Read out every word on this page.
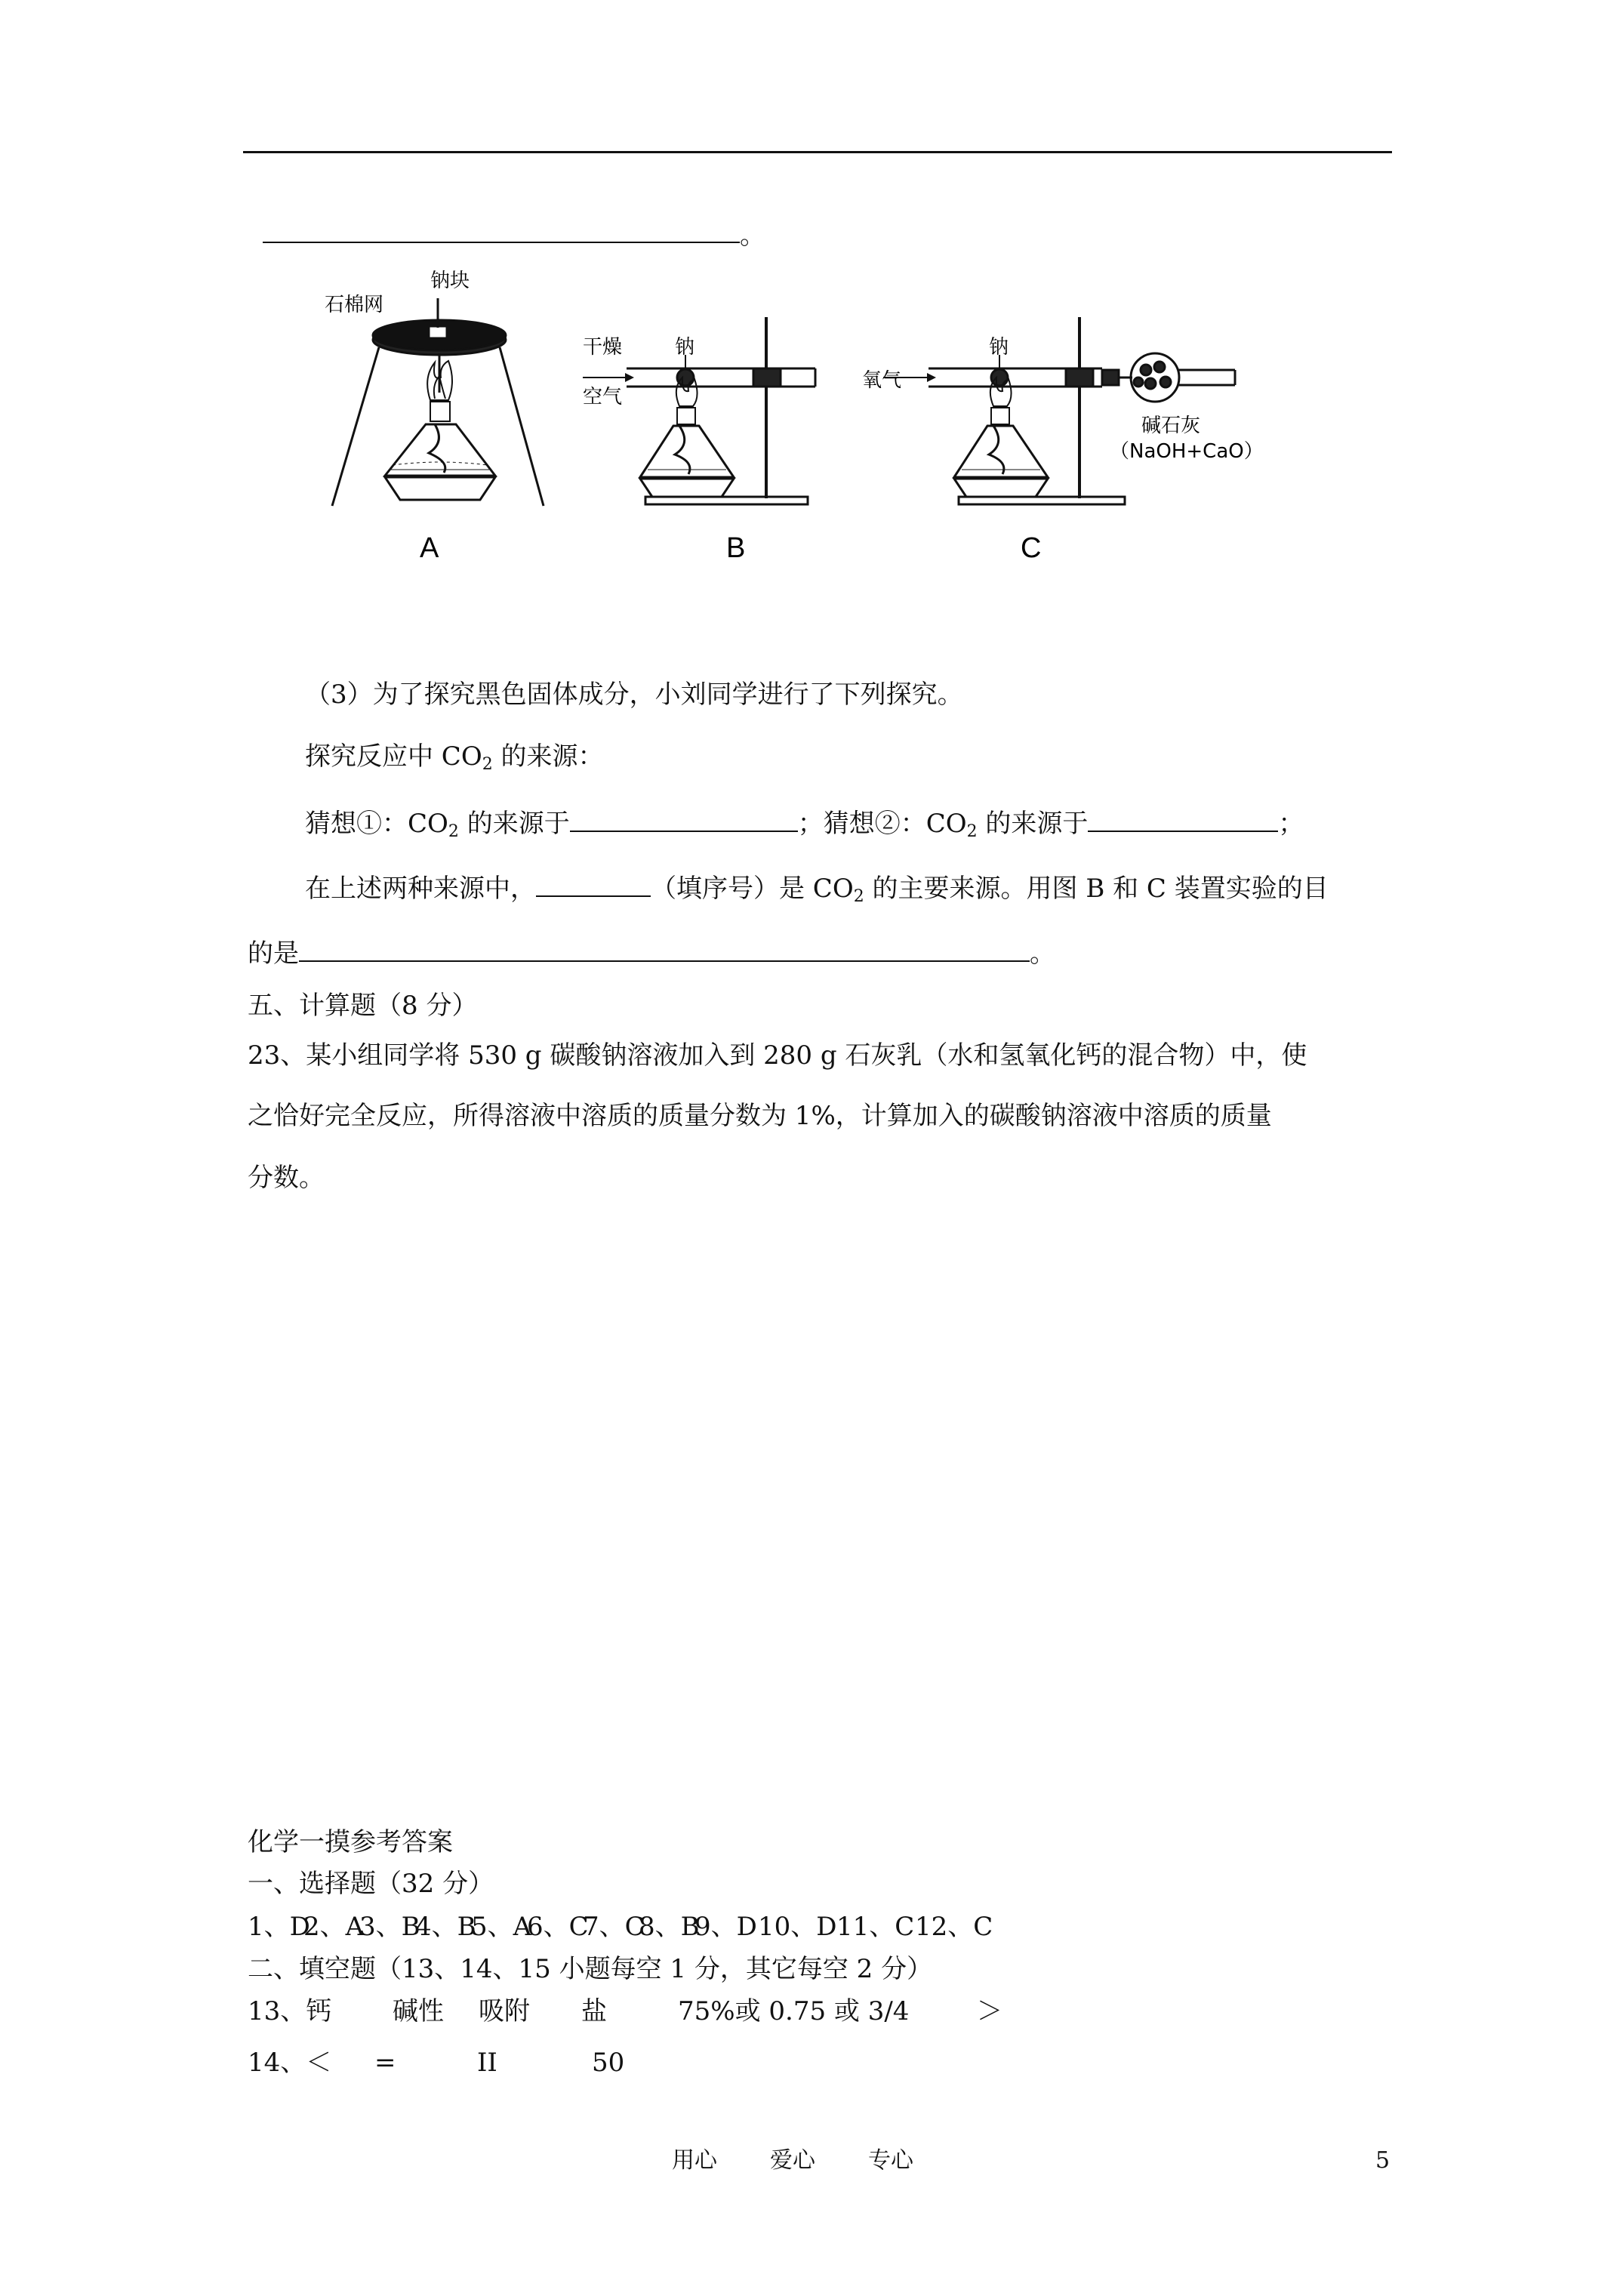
。
石棉网
钠块
A
干燥
空气
钠
B
氧气
钠
碱石灰
（NaOH+CaO）
C
（3）为了探究黑色固体成分，小刘同学进行了下列探究。
探究反应中 $CO_2$ 的来源：
猜想①：$CO_2$ 的来源于	；猜想②：$CO_2$ 的来源于	；
在上述两种来源中，	（填序号）是 $CO_2$ 的主要来源。用图 B 和 C 装置实验的目
的是	。
五、计算题（8 分）
23、某小组同学将 530 g 碳酸钠溶液加入到 280 g 石灰乳（水和氢氧化钙的混合物）中，使
之恰好完全反应，所得溶液中溶质的质量分数为 1%，计算加入的碳酸钠溶液中溶质的质量
分数。
化学一摸参考答案
一、选择题（32 分）
1、D2、A3、B4、B5、A6、C7、C8、B9、D10、D11、C12、C
二、填空题（13、14、15 小题每空 1 分，其它每空 2 分）
13、钙 碱性 吸附 盐	75%或 0.75 或 3/4	＞
14、＜ =	II	50
用心 爱心 专心	5
